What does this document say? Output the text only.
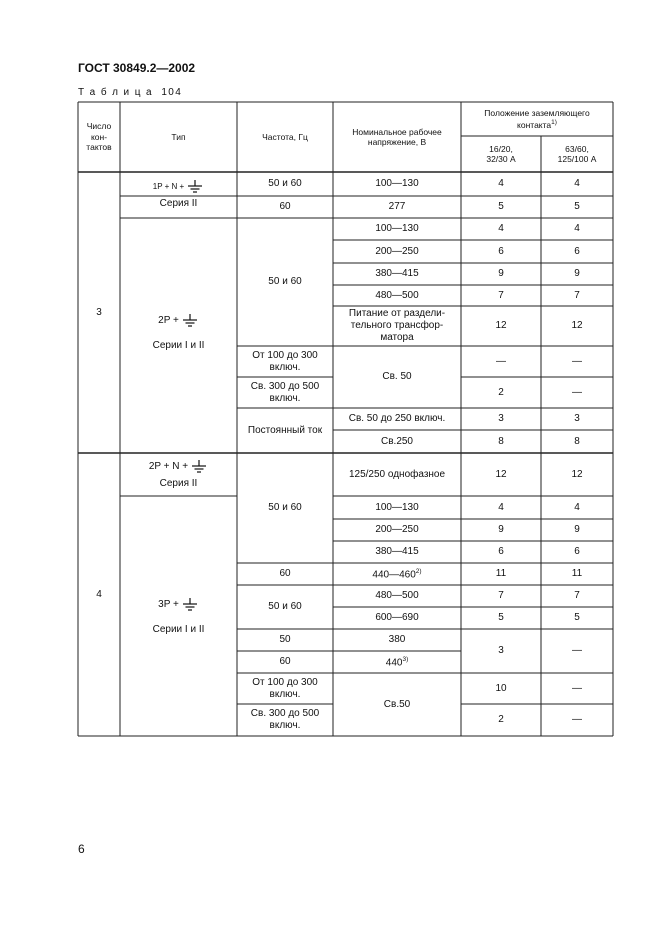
ГОСТ 30849.2—2002
Т а б л и ц а  104
Число
кон-
тактов
Тип	Частота, Гц
Номинальное рабочее
напряжение, В
Положение заземляющего
контакта$^{1)}$
16/20,
32/30 А
63/60,
125/100 А
3
1P + N +
Серия II
2P +
Серии I и II
50 и 60
60
50 и 60
От 100 до 300
включ.
Св. 300 до 500
включ.
Постоянный ток
100—130
277
100—130
200—250
380—415
480—500
Питание от раздели-
тельного трансфор-
матора
Св. 50
Св. 50 до 250 включ.
Св.250
4
5
4
6
9
7
12
—
2
3
8
4
5
4
6
9
7
12
—
—
3
8
4
2P + N +
Серия II
3P +
Серии I и II
50 и 60
60
50 и 60
50
60
От 100 до 300
включ.
Св. 300 до 500
включ.
125/250 однофазное
100—130
200—250
380—415
440—460$^{2)}$
480—500
600—690
380
440$^{3)}$
Св.50
12
4
9
6
11
7
5
3
10
2
12
4
9
6
11
7
5
—
—
—
6
